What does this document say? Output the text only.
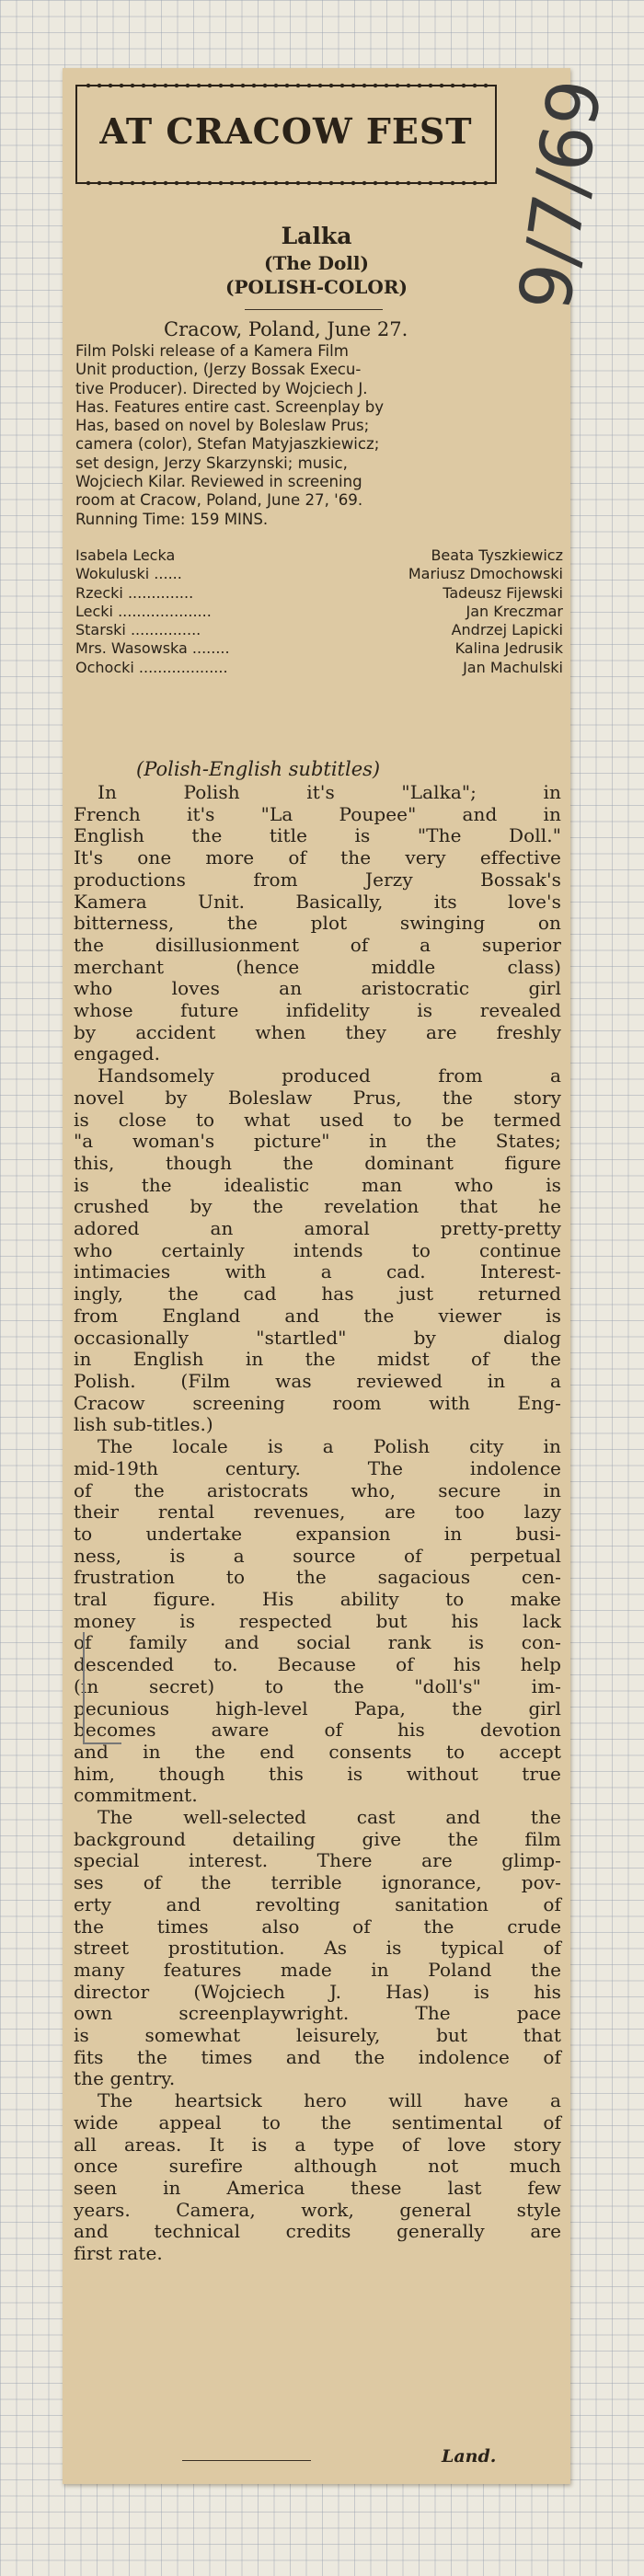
AT CRACOW FEST
Lalka
(The Doll)
(POLISH-COLOR)
Cracow, Poland, June 27.
Film Polski release of a Kamera Film
Unit production, (Jerzy Bossak Execu-
tive Producer). Directed by Wojciech J.
Has. Features entire cast. Screenplay by
Has, based on novel by Boleslaw Prus;
camera (color), Stefan Matyjaszkiewicz;
set design, Jerzy Skarzynski; music,
Wojciech Kilar. Reviewed in screening
room at Cracow, Poland, June 27, '69.
Running Time: 159 MINS.
Isabela Lecka	Beata Tyszkiewicz
Wokuluski ......	Mariusz Dmochowski
Rzecki ..............	Tadeusz Fijewski
Lecki ....................	Jan Kreczmar
Starski ...............	Andrzej Lapicki
Mrs. Wasowska ........	Kalina Jedrusik
Ochocki ...................	Jan Machulski
(Polish-English subtitles)
In Polish it's "Lalka"; in
French it's "La Poupee" and in
English the title is "The Doll."
It's one more of the very effective
productions from Jerzy Bossak's
Kamera Unit. Basically, its love's
bitterness, the plot swinging on
the disillusionment of a superior
merchant (hence middle class)
who loves an aristocratic girl
whose future infidelity is revealed
by accident when they are freshly
engaged.
Handsomely produced from a
novel by Boleslaw Prus, the story
is close to what used to be termed
"a woman's picture" in the States;
this, though the dominant figure
is the idealistic man who is
crushed by the revelation that he
adored an amoral pretty-pretty
who certainly intends to continue
intimacies with a cad. Interest-
ingly, the cad has just returned
from England and the viewer is
occasionally "startled" by dialog
in English in the midst of the
Polish. (Film was reviewed in a
Cracow screening room with Eng-
lish sub-titles.)
The locale is a Polish city in
mid-19th century. The indolence
of the aristocrats who, secure in
their rental revenues, are too lazy
to undertake expansion in busi-
ness, is a source of perpetual
frustration to the sagacious cen-
tral figure. His ability to make
money is respected but his lack
of family and social rank is con-
descended to. Because of his help
(in secret) to the "doll's" im-
pecunious high-level Papa, the girl
becomes aware of his devotion
and in the end consents to accept
him, though this is without true
commitment.
The well-selected cast and the
background detailing give the film
special interest. There are glimp-
ses of the terrible ignorance, pov-
erty and revolting sanitation of
the times also of the crude
street prostitution. As is typical of
many features made in Poland the
director (Wojciech J. Has) is his
own screenplaywright. The pace
is somewhat leisurely, but that
fits the times and the indolence of
the gentry.
The heartsick hero will have a
wide appeal to the sentimental of
all areas. It is a type of love story
once surefire although not much
seen in America these last few
years. Camera, work, general style
and technical credits generally are
first rate.
Land.
9/7/69
